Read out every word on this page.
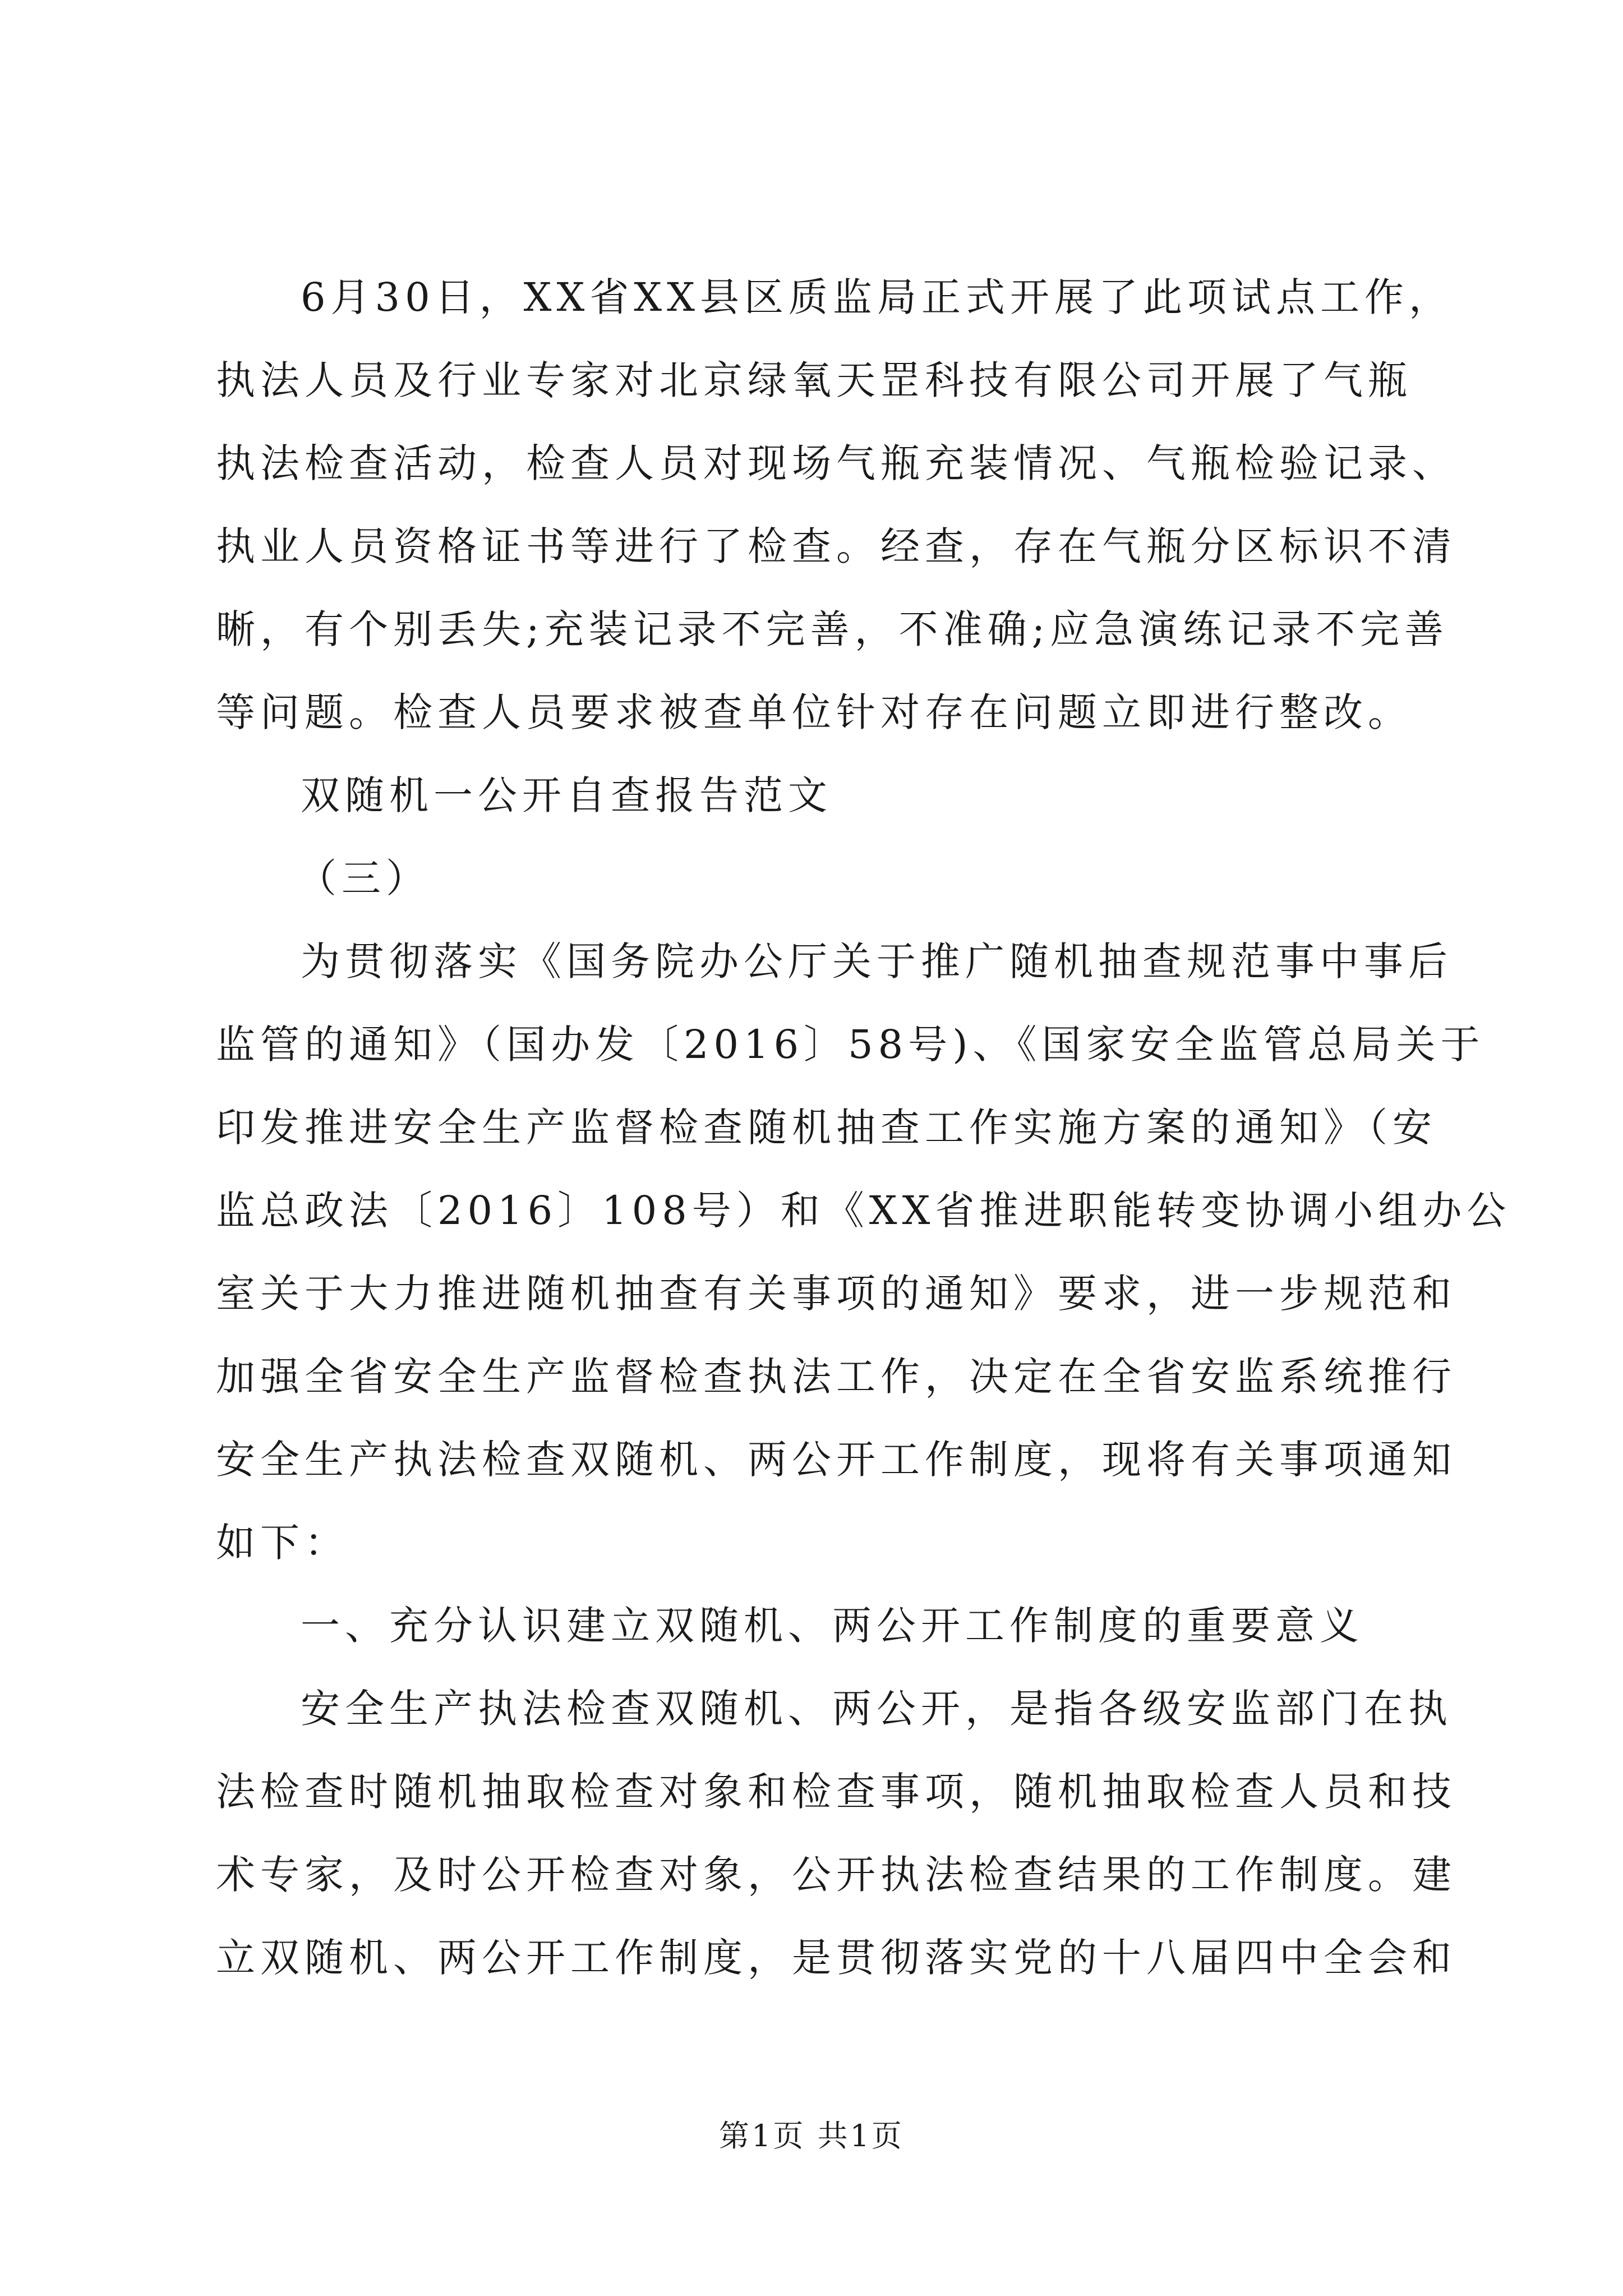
6月30日，XX省XX县区质监局正式开展了此项试点工作，
执法人员及行业专家对北京绿氧天罡科技有限公司开展了气瓶
执法检查活动，检查人员对现场气瓶充装情况、气瓶检验记录、
执业人员资格证书等进行了检查。经查，存在气瓶分区标识不清
晰，有个别丢失;充装记录不完善，不准确;应急演练记录不完善
等问题。检查人员要求被查单位针对存在问题立即进行整改。
双随机一公开自查报告范文
（三）
为贯彻落实《国务院办公厅关于推广随机抽查规范事中事后
监管的通知》（国办发〔2016〕58号)、《国家安全监管总局关于
印发推进安全生产监督检查随机抽查工作实施方案的通知》（安
监总政法〔2016〕108号）和《XX省推进职能转变协调小组办公
室关于大力推进随机抽查有关事项的通知》要求，进一步规范和
加强全省安全生产监督检查执法工作，决定在全省安监系统推行
安全生产执法检查双随机、两公开工作制度，现将有关事项通知
如下：
一、充分认识建立双随机、两公开工作制度的重要意义
安全生产执法检查双随机、两公开，是指各级安监部门在执
法检查时随机抽取检查对象和检查事项，随机抽取检查人员和技
术专家，及时公开检查对象，公开执法检查结果的工作制度。建
立双随机、两公开工作制度，是贯彻落实党的十八届四中全会和
第1页 共1页
